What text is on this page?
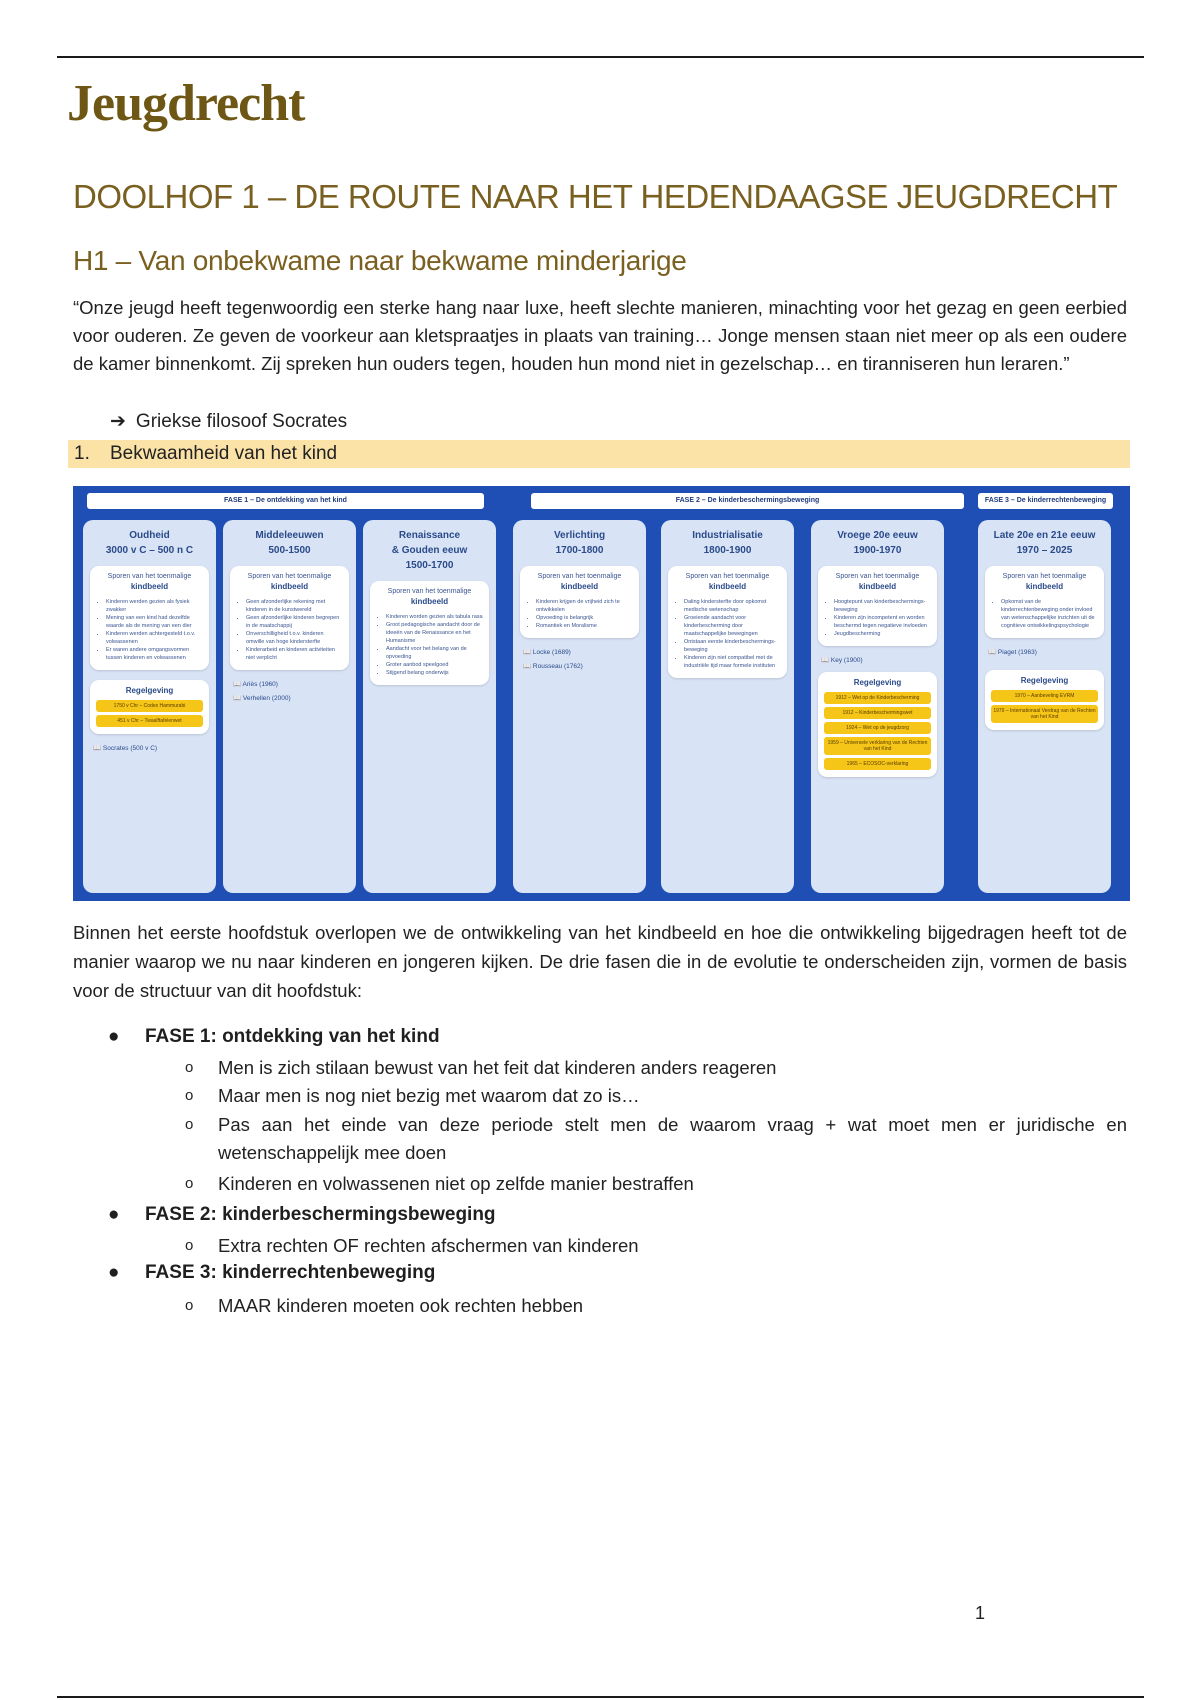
Jeugdrecht
DOOLHOF 1 – DE ROUTE NAAR HET HEDENDAAGSE JEUGDRECHT
H1 – Van onbekwame naar bekwame minderjarige

“Onze jeugd heeft tegenwoordig een sterke hang naar luxe, heeft slechte manieren, minachting voor het gezag en geen eerbied voor ouderen. Ze geven de voorkeur aan kletspraatjes in plaats van training… Jonge mensen staan niet meer op als een oudere de kamer binnenkomt. Zij spreken hun ouders tegen, houden hun mond niet in gezelschap… en tiranniseren hun leraren.”

➔ Griekse filosoof Socrates
1. Bekwaamheid van het kind
FASE 1 – De ontdekking van het kind	FASE 2 – De kinderbeschermingsbeweging	FASE 3 – De kinderrechtenbeweging
Oudheid
3000 v C – 500 n C
Sporen van het toenmalige
kindbeeld
• Kinderen werden gezien als fysiek zwakker
• Mening van een kind had dezelfde waarde als de mening van een dier
• Kinderen werden achtergesteld t.o.v. volwassenen
• Er waren andere omgangsvormen tussen kinderen en volwassenen
Regelgeving
1750 v Chr – Codex Hammurabi
451 v Chr – Twaalftafelenwet
📖 Socrates (500 v C)
Middeleeuwen
500-1500
Sporen van het toenmalige
kindbeeld
• Geen afzonderlijke rekening met kinderen in de kunstwereld
• Geen afzonderlijke kinderen begrepen in de maatschappij
• Onverschilligheid t.o.v. kinderen omwille van hoge kindersterfte
• Kinderarbeid en kinderen activiteiten niet verplicht
📖 Ariès (1960)
📖 Verhellen (2000)
Renaissance
& Gouden eeuw
1500-1700
Sporen van het toenmalige
kindbeeld
• Kinderen worden gezien als tabula rasa
• Groot pedagogische aandacht door de ideeën van de Renaissance en het Humanisme
• Aandacht voor het belang van de opvoeding
• Groter aanbod speelgoed
• Stijgend belang onderwijs
Verlichting
1700-1800
Sporen van het toenmalige
kindbeeld
• Kinderen krijgen de vrijheid zich te ontwikkelen
• Opvoeding is belangrijk
• Romantiek en Moralisme
📖 Locke (1689)
📖 Rousseau (1762)
Industrialisatie
1800-1900
Sporen van het toenmalige
kindbeeld
• Daling kindersterfte door opkomst medische wetenschap
• Groeiende aandacht voor kinderbescherming door maatschappelijke bewegingen
• Ontstaan eerste kinderbeschermings-beweging
• Kinderen zijn niet compatibel met de industriële tijd maar formele instituten
Vroege 20e eeuw
1900-1970
Sporen van het toenmalige
kindbeeld
• Hoogtepunt van kinderbeschermings-beweging
• Kinderen zijn incompetent en worden beschermd tegen negatieve invloeden
• Jeugdbescherming
📖 Key (1900)
Regelgeving
1912 – Wet op de Kinderbescherming
1912 – Kinderbeschermingswet
1924 – Wet op de jeugdzorg
1959 – Universele verklaring van de Rechten van het Kind
1965 – ECOSOC-verklaring
Late 20e en 21e eeuw
1970 – 2025
Sporen van het toenmalige
kindbeeld
• Opkomst van de kinderrechtenbeweging onder invloed van wetenschappelijke inzichten uit de cognitieve ontwikkelingspsychologie
📖 Piaget (1963)
Regelgeving
1970 – Aanbeveling EVRM
1979 – Internationaal Verdrag van de Rechten van het Kind

Binnen het eerste hoofdstuk overlopen we de ontwikkeling van het kindbeeld en hoe die ontwikkeling bijgedragen heeft tot de manier waarop we nu naar kinderen en jongeren kijken. De drie fasen die in de evolutie te onderscheiden zijn, vormen de basis voor de structuur van dit hoofdstuk:

● FASE 1: ontdekking van het kind
o Men is zich stilaan bewust van het feit dat kinderen anders reageren
o Maar men is nog niet bezig met waarom dat zo is…
o Pas aan het einde van deze periode stelt men de waarom vraag + wat moet men er juridische en wetenschappelijk mee doen
o Kinderen en volwassenen niet op zelfde manier bestraffen
● FASE 2: kinderbeschermingsbeweging
o Extra rechten OF rechten afschermen van kinderen
● FASE 3: kinderrechtenbeweging
o MAAR kinderen moeten ook rechten hebben
1
